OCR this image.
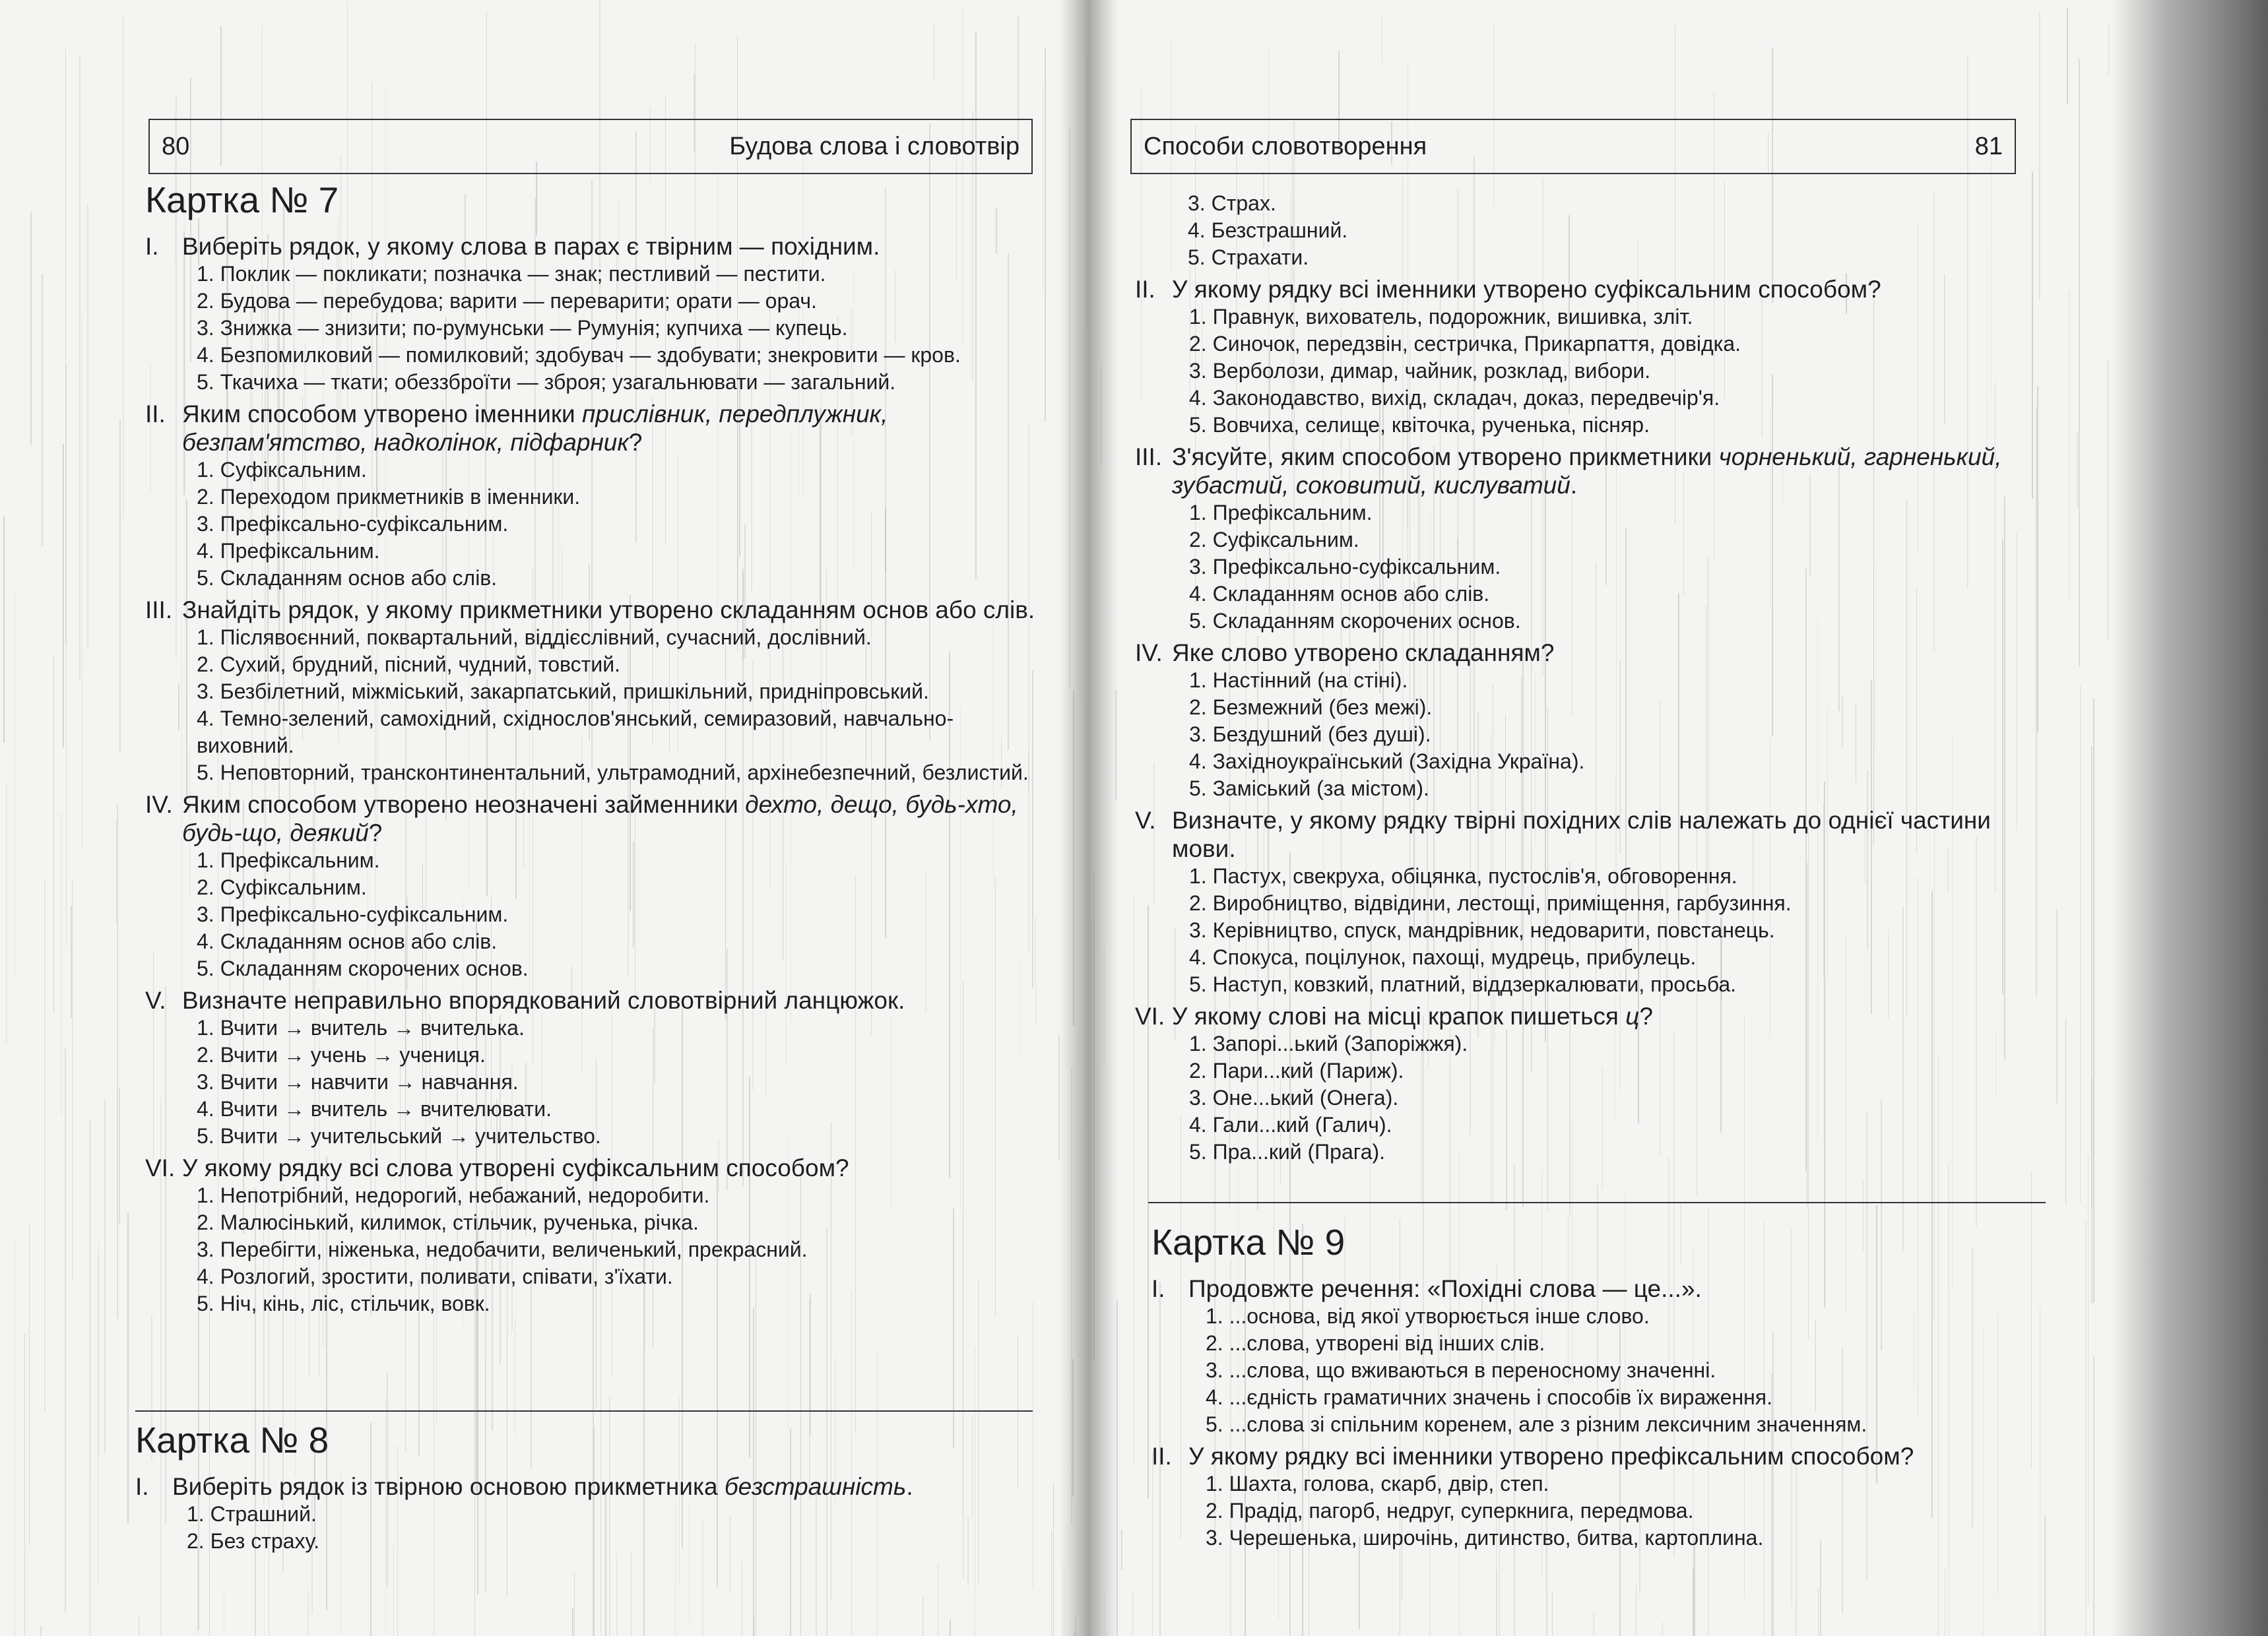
80	Будова слова і словотвір
Картка № 7
I. Виберіть рядок, у якому слова в парах є твірним — похідним.
1. Поклик — покликати; позначка — знак; пестливий — пестити.
2. Будова — перебудова; варити — переварити; орати — орач.
3. Знижка — знизити; по-румунськи — Румунія; купчиха — купець.
4. Безпомилковий — помилковий; здобувач — здобувати; знекровити — кров.
5. Ткачиха — ткати; обеззброїти — зброя; узагальнювати — загальний.
II. Яким способом утворено іменники прислівник, передплужник, безпам'ятство, надколінок, підфарник?
1. Суфіксальним.
2. Переходом прикметників в іменники.
3. Префіксально-суфіксальним.
4. Префіксальним.
5. Складанням основ або слів.
III. Знайдіть рядок, у якому прикметники утворено складанням основ або слів.
1. Післявоєнний, поквартальний, віддієслівний, сучасний, дослівний.
2. Сухий, брудний, пісний, чудний, товстий.
3. Безбілетний, міжміський, закарпатський, пришкільний, придніпровський.
4. Темно-зелений, самохідний, східнослов'янський, семиразовий, навчально-виховний.
5. Неповторний, трансконтинентальний, ультрамодний, архінебезпечний, безлистий.
IV. Яким способом утворено неозначені займенники дехто, дещо, будь-хто, будь-що, деякий?
1. Префіксальним.
2. Суфіксальним.
3. Префіксально-суфіксальним.
4. Складанням основ або слів.
5. Складанням скорочених основ.
V. Визначте неправильно впорядкований словотвірний ланцюжок.
1. Вчити → вчитель → вчителька.
2. Вчити → учень → учениця.
3. Вчити → навчити → навчання.
4. Вчити → вчитель → вчителювати.
5. Вчити → учительський → учительство.
VI. У якому рядку всі слова утворені суфіксальним способом?
1. Непотрібний, недорогий, небажаний, недоробити.
2. Малюсінький, килимок, стільчик, рученька, річка.
3. Перебігти, ніженька, недобачити, величенький, прекрасний.
4. Розлогий, зростити, поливати, співати, з'їхати.
5. Ніч, кінь, ліс, стільчик, вовк.
Картка № 8
I. Виберіть рядок із твірною основою прикметника безстрашність.
1. Страшний.
2. Без страху.
Способи словотворення	81
3. Страх.
4. Безстрашний.
5. Страхати.
II. У якому рядку всі іменники утворено суфіксальним способом?
1. Правнук, вихователь, подорожник, вишивка, зліт.
2. Синочок, передзвін, сестричка, Прикарпаття, довідка.
3. Верболози, димар, чайник, розклад, вибори.
4. Законодавство, вихід, складач, доказ, передвечір'я.
5. Вовчиха, селище, квіточка, рученька, пісняр.
III. З'ясуйте, яким способом утворено прикметники чорненький, гарненький, зубастий, соковитий, кислуватий.
1. Префіксальним.
2. Суфіксальним.
3. Префіксально-суфіксальним.
4. Складанням основ або слів.
5. Складанням скорочених основ.
IV. Яке слово утворено складанням?
1. Настінний (на стіні).
2. Безмежний (без межі).
3. Бездушний (без душі).
4. Західноукраїнський (Західна Україна).
5. Заміський (за містом).
V. Визначте, у якому рядку твірні похідних слів належать до однієї частини мови.
1. Пастух, свекруха, обіцянка, пустослів'я, обговорення.
2. Виробництво, відвідини, лестощі, приміщення, гарбузиння.
3. Керівництво, спуск, мандрівник, недоварити, повстанець.
4. Спокуса, поцілунок, пахощі, мудрець, прибулець.
5. Наступ, ковзкий, платний, віддзеркалювати, просьба.
VI. У якому слові на місці крапок пишеться ц?
1. Запорі...ький (Запоріжжя).
2. Пари...кий (Париж).
3. Оне...ький (Онега).
4. Гали...кий (Галич).
5. Пра...кий (Прага).
Картка № 9
I. Продовжте речення: «Похідні слова — це...».
1. ...основа, від якої утворюється інше слово.
2. ...слова, утворені від інших слів.
3. ...слова, що вживаються в переносному значенні.
4. ...єдність граматичних значень і способів їх вираження.
5. ...слова зі спільним коренем, але з різним лексичним значенням.
II. У якому рядку всі іменники утворено префіксальним способом?
1. Шахта, голова, скарб, двір, степ.
2. Прадід, пагорб, недруг, суперкнига, передмова.
3. Черешенька, широчінь, дитинство, битва, картоплина.
